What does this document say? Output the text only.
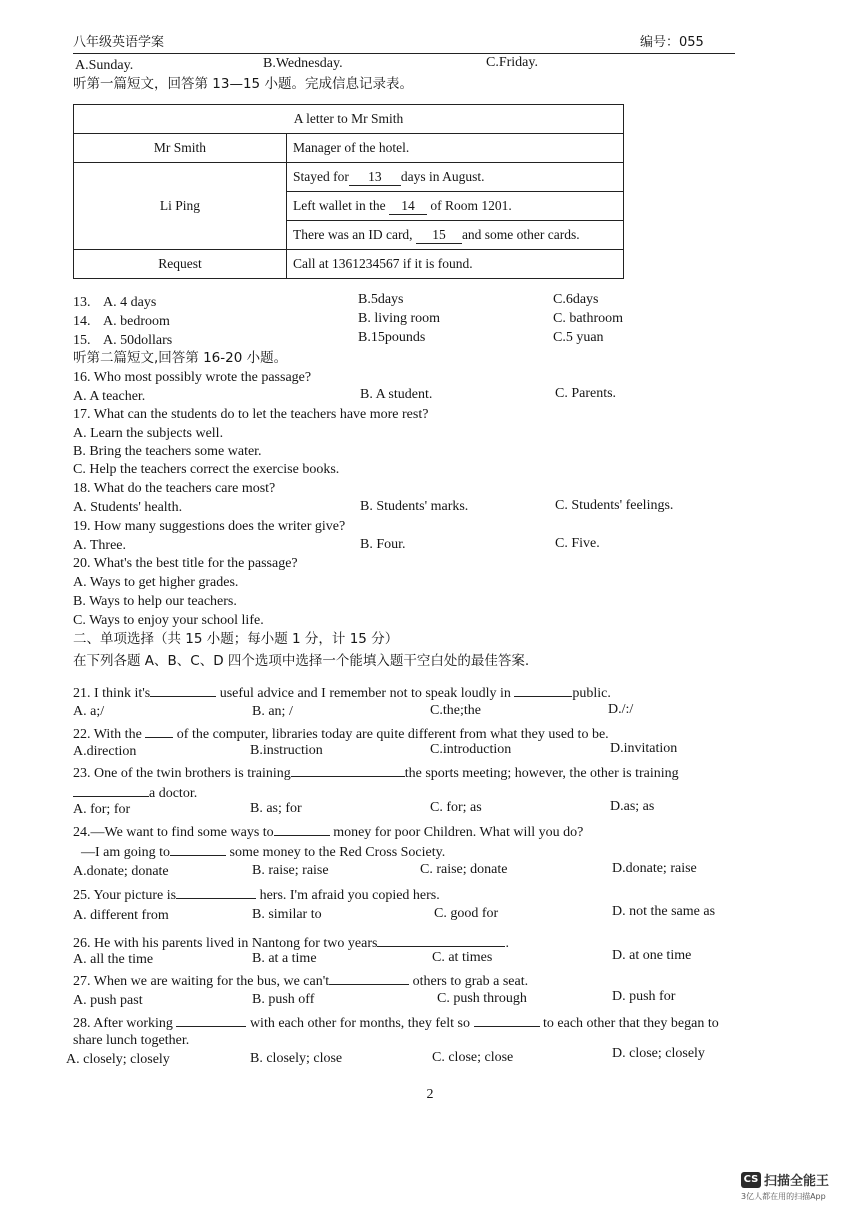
八年级英语学案	编号：055
A.Sunday.	B.Wednesday.	C.Friday.
听第一篇短文，回答第 13—15 小题。完成信息记录表。
A letter to Mr Smith	
Mr Smith	Manager of the hotel.
Li Ping	Stayed for 13 days in August.
	Left wallet in the 14 of Room 1201.
	There was an ID card, 15 and some other cards.
Request	Call at 1361234567 if it is found.
13. A. 4 days	B.5days	C.6days
14. A. bedroom	B. living room	C. bathroom
15. A. 50dollars	B.15pounds	C.5 yuan
听第二篇短文,回答第 16-20 小题。
16. Who most possibly wrote the passage?
A. A teacher.	B. A student.	C. Parents.
17. What can the students do to let the teachers have more rest?
A. Learn the subjects well.
B. Bring the teachers some water.
C. Help the teachers correct the exercise books.
18. What do the teachers care most?
A. Students' health.	B. Students' marks.	C. Students' feelings.
19. How many suggestions does the writer give?
A. Three.	B. Four.	C. Five.
20. What's the best title for the passage?
A. Ways to get higher grades.
B. Ways to help our teachers.
C. Ways to enjoy your school life.
二、单项选择（共 15 小题；每小题 1 分，计 15 分）
在下列各题 A、B、C、D 四个选项中选择一个能填入题干空白处的最佳答案.
21. I think it's	useful advice and I remember not to speak loudly in	public.
A. a;/	B. an; /	C.the;the	D./:/
22. With the	of the computer, libraries today are quite different from what they used to be.
A.direction	B.instruction	C.introduction	D.invitation
23. One of the twin brothers is training	the sports meeting; however, the other is training
a doctor.
A. for; for	B. as; for	C. for; as	D.as; as
24.—We want to find some ways to	money for poor Children. What will you do?
—I am going to	some money to the Red Cross Society.
A.donate; donate	B. raise; raise	C. raise; donate	D.donate; raise
25. Your picture is	hers. I'm afraid you copied hers.
A. different from	B. similar to	C. good for	D. not the same as
26. He with his parents lived in Nantong for two years	.
A. all the time	B. at a time	C. at times	D. at one time
27. When we are waiting for the bus, we can't	others to grab a seat.
A. push past	B. push off	C. push through	D. push for
28. After working	with each other for months, they felt so	to each other that they began to
share lunch together.
A. closely; closely	B. closely; close	C. close; close	D. close; closely
2
CS 扫描全能王
3亿人都在用的扫描App
